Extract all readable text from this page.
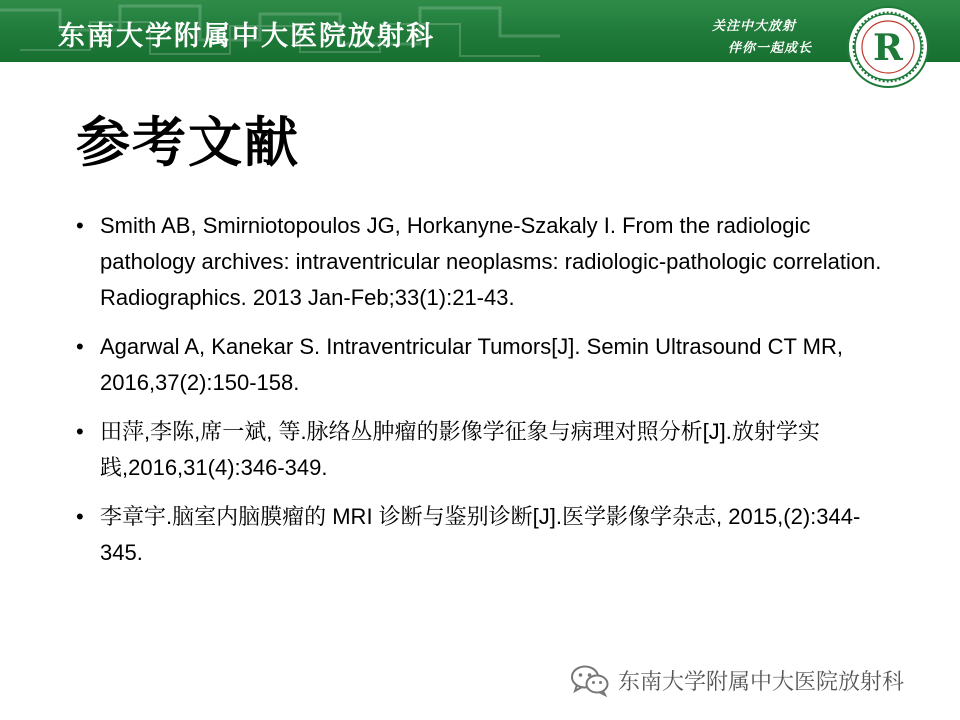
东南大学附属中大医院放射科	关注中大放射
伴你一起成长	R
参考文献
• Smith AB, Smirniotopoulos JG, Horkanyne-Szakaly I. From the radiologic pathology archives: intraventricular neoplasms: radiologic-pathologic correlation. Radiographics. 2013 Jan-Feb;33(1):21-43.
• Agarwal A, Kanekar S. Intraventricular Tumors[J]. Semin Ultrasound CT MR, 2016,37(2):150-158.
• 田萍,李陈,席一斌, 等.脉络丛肿瘤的影像学征象与病理对照分析[J].放射学实践,2016,31(4):346-349.
• 李章宇.脑室内脑膜瘤的 MRI 诊断与鉴别诊断[J].医学影像学杂志, 2015,(2):344-345.
东南大学附属中大医院放射科
